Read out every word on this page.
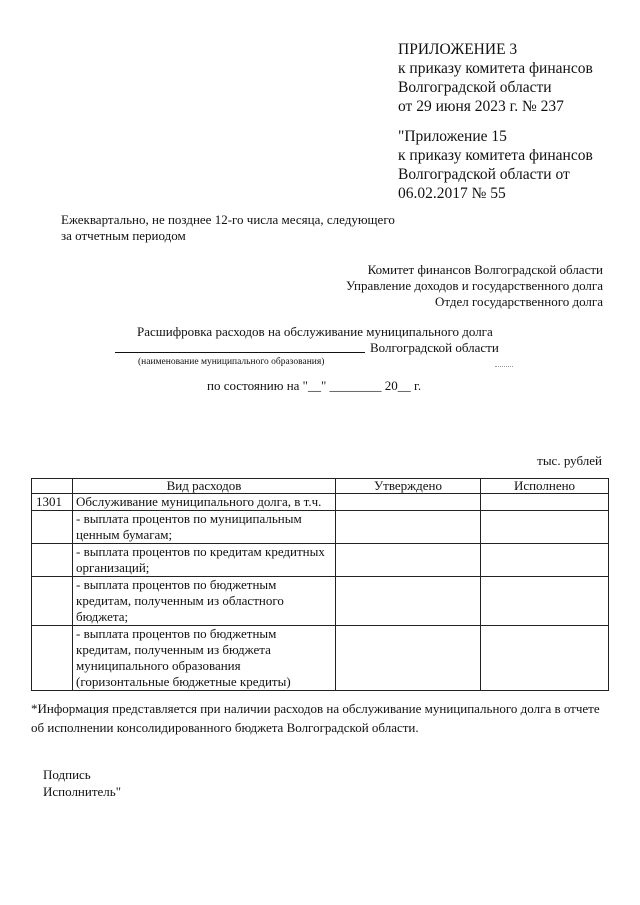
ПРИЛОЖЕНИЕ 3
к приказу комитета финансов
Волгоградской области
от 29 июня 2023 г. № 237
"Приложение 15
к приказу комитета финансов
Волгоградской области от
06.02.2017 № 55
Ежеквартально, не позднее 12-го числа месяца, следующего
за отчетным периодом
Комитет финансов Волгоградской области
Управление доходов и государственного долга
Отдел государственного долга
Расшифровка расходов на обслуживание муниципального долга
Волгоградской области
(наименование муниципального образования)
по состоянию на "__" ________ 20__ г.
тыс. рублей
	Вид расходов	Утверждено	Исполнено
1301	Обслуживание муниципального долга, в т.ч.		

	- выплата процентов по муниципальным
ценным бумагам;		

	- выплата процентов по кредитам кредитных
организаций;		

	- выплата процентов по бюджетным
кредитам, полученным из областного
бюджета;		

	- выплата процентов по бюджетным
кредитам, полученным из бюджета
муниципального образования
(горизонтальные бюджетные кредиты)		

*Информация представляется при наличии расходов на обслуживание муниципального долга в отчете
об исполнении консолидированного бюджета Волгоградской области.
Подпись
Исполнитель"
